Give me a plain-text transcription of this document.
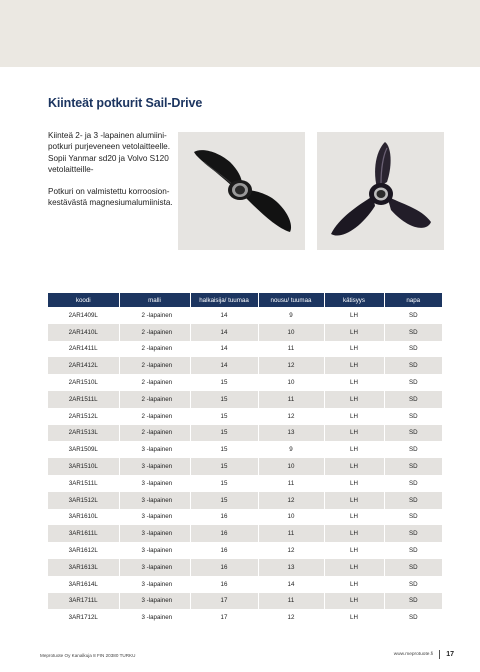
Kiinteät potkurit Sail-Drive

Kiinteä 2- ja 3 -lapainen alumiini-potkuri purjeveneen vetolaitteelle. Sopii Yanmar sd20 ja Volvo S120 vetolaitteille-

Potkuri on valmistettu korroosion-kestävästä magnesiumalumiinista.

koodi	malli	halkaisija/ tuumaa	nousu/ tuumaa	kätisyys	napa
2AR1409L	2 -lapainen	14	9	LH	SD
2AR1410L	2 -lapainen	14	10	LH	SD
2AR1411L	2 -lapainen	14	11	LH	SD
2AR1412L	2 -lapainen	14	12	LH	SD
2AR1510L	2 -lapainen	15	10	LH	SD
2AR1511L	2 -lapainen	15	11	LH	SD
2AR1512L	2 -lapainen	15	12	LH	SD
2AR1513L	2 -lapainen	15	13	LH	SD
3AR1509L	3 -lapainen	15	9	LH	SD
3AR1510L	3 -lapainen	15	10	LH	SD
3AR1511L	3 -lapainen	15	11	LH	SD
3AR1512L	3 -lapainen	15	12	LH	SD
3AR1610L	3 -lapainen	16	10	LH	SD
3AR1611L	3 -lapainen	16	11	LH	SD
3AR1612L	3 -lapainen	16	12	LH	SD
3AR1613L	3 -lapainen	16	13	LH	SD
3AR1614L	3 -lapainen	16	14	LH	SD
3AR1711L	3 -lapainen	17	11	LH	SD
3AR1712L	3 -lapainen	17	12	LH	SD
Meprotuote Oy Kanalkuja 8 FIN 20380 TURKU	www.meprotuote.fi 17
